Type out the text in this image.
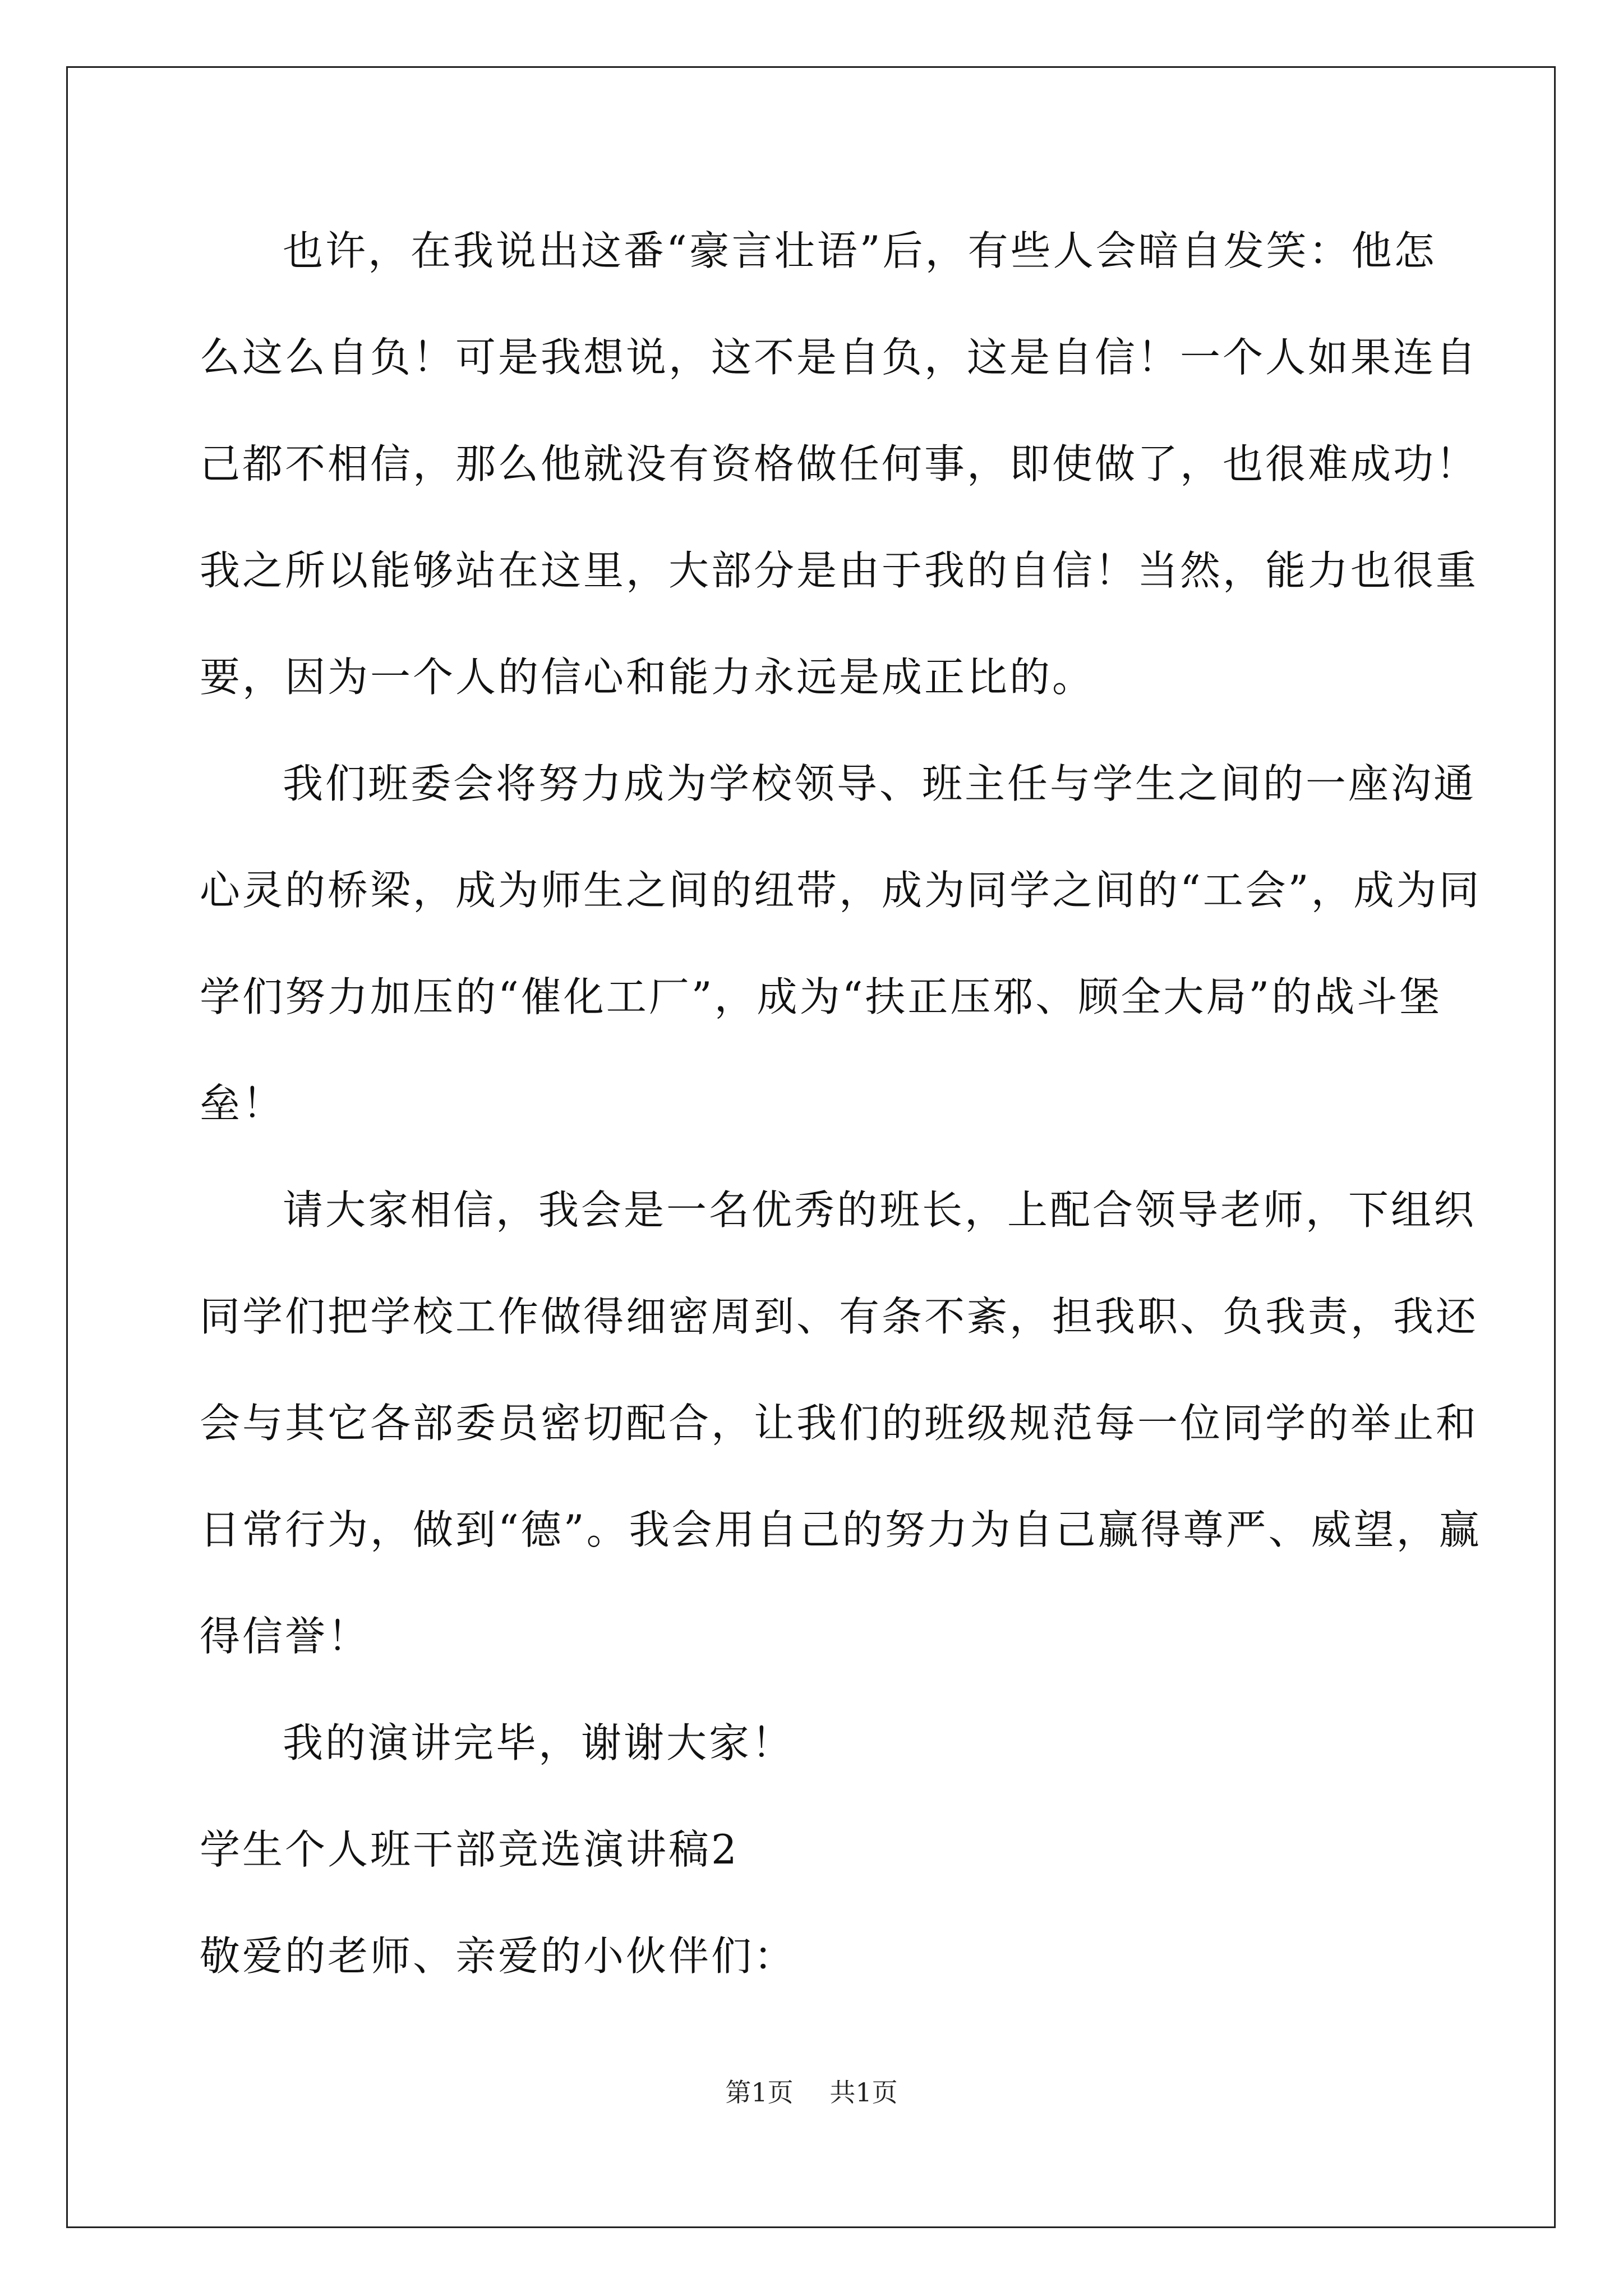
也许，在我说出这番“豪言壮语”后，有些人会暗自发笑：他怎
么这么自负！可是我想说，这不是自负，这是自信！一个人如果连自
己都不相信，那么他就没有资格做任何事，即使做了，也很难成功！
我之所以能够站在这里，大部分是由于我的自信！当然，能力也很重
要，因为一个人的信心和能力永远是成正比的。
我们班委会将努力成为学校领导、班主任与学生之间的一座沟通
心灵的桥梁，成为师生之间的纽带，成为同学之间的“工会”，成为同
学们努力加压的“催化工厂”，成为“扶正压邪、顾全大局”的战斗堡
垒！
请大家相信，我会是一名优秀的班长，上配合领导老师，下组织
同学们把学校工作做得细密周到、有条不紊，担我职、负我责，我还
会与其它各部委员密切配合，让我们的班级规范每一位同学的举止和
日常行为，做到“德”。我会用自己的努力为自己赢得尊严、威望，赢
得信誉！
我的演讲完毕，谢谢大家！
学生个人班干部竞选演讲稿2
敬爱的老师、亲爱的小伙伴们：
第1页 共1页
